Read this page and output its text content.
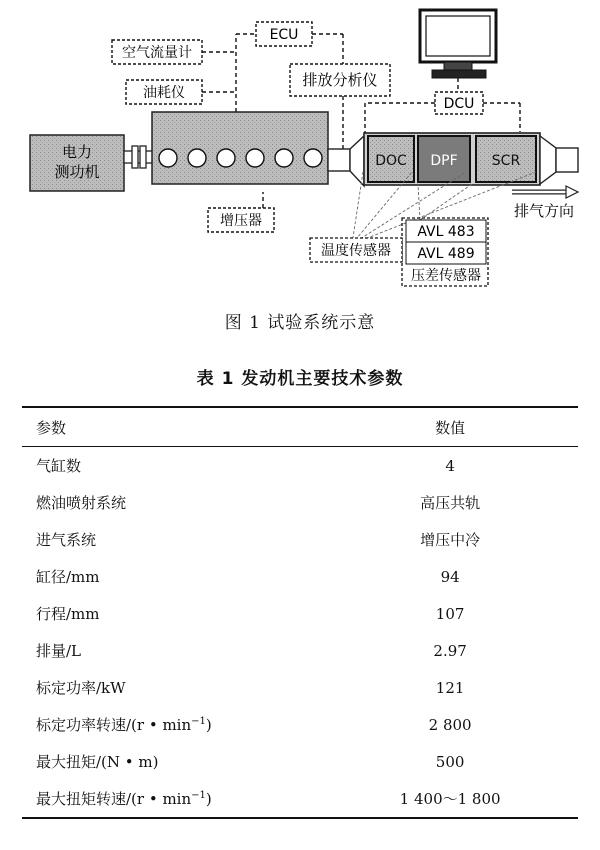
电力
测功机
DOC DPF SCR
排气方向
ECU
空气流量计
油耗仪
排放分析仪
DCU
增压器
AVL 483
AVL 489
压差传感器
温度传感器
图 1 试验系统示意
表 1 发动机主要技术参数
参数	数值
气缸数	4
燃油喷射系统	高压共轨
进气系统	增压中冷
缸径/mm	94
行程/mm	107
排量/L	2.97
标定功率/kW	121
标定功率转速/(r • $\min^{-1}$)	2 800
最大扭矩/(N • m)	500
最大扭矩转速/(r • $\min^{-1}$)	1 400～1 800
